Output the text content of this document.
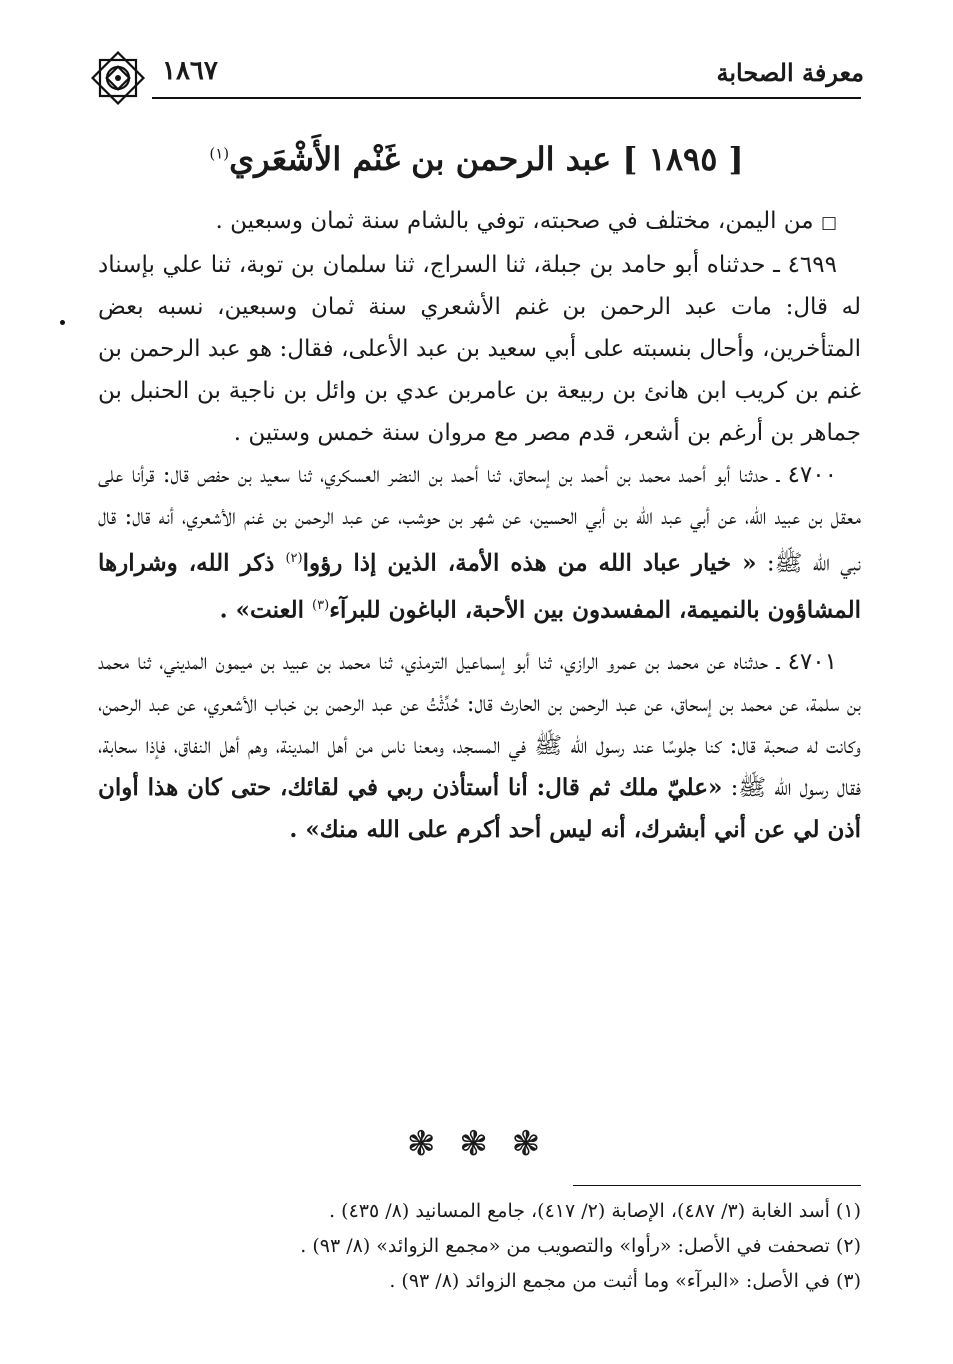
معرفة الصحابة
١٨٦٧
[ ١٨٩٥ ] عبد الرحمن بن غَنْم الأَشْعَري$^{(١)}$

□ من اليمن، مختلف في صحبته، توفي بالشام سنة ثمان وسبعين .

٤٦٩٩ ـ حدثناه أبو حامد بن جبلة، ثنا السراج، ثنا سلمان بن توبة، ثنا علي بإسناد له قال: مات عبد الرحمن بن غنم الأشعري سنة ثمان وسبعين، نسبه بعض المتأخرين، وأحال بنسبته على أبي سعيد بن عبد الأعلى، فقال: هو عبد الرحمن بن غنم بن كريب ابن هانئ بن ربيعة بن عامربن عدي بن وائل بن ناجية بن الحنبل بن جماهر بن أرغم بن أشعر، قدم مصر مع مروان سنة خمس وستين .

٤٧٠٠ ـ حدثنا أبو أحمد محمد بن أحمد بن إسحاق، ثنا أحمد بن النضر العسكري، ثنا سعيد بن حفص قال: قرأنا على معقل بن عبيد الله، عن أبي عبد الله بن أبي الحسين، عن شهر بن حوشب، عن عبد الرحمن بن غنم الأشعري، أنه قال: قال نبي الله ﷺ: « خيار عباد الله من هذه الأمة، الذين إذا رؤوا$^{(٢)}$ ذكر الله، وشرارها المشاؤون بالنميمة، المفسدون بين الأحبة، الباغون للبرآء$^{(٣)}$ العنت» .

٤٧٠١ ـ حدثناه عن محمد بن عمرو الرازي، ثنا أبو إسماعيل الترمذي، ثنا محمد بن عبيد بن ميمون المديني، ثنا محمد بن سلمة، عن محمد بن إسحاق، عن عبد الرحمن بن الحارث قال: حُدِّثْتُ عن عبد الرحمن بن خباب الأشعري، عن عبد الرحمن، وكانت له صحبة قال: كنا جلوسًا عند رسول الله ﷺ في المسجد، ومعنا ناس من أهل المدينة، وهم أهل النفاق، فإذا سحابة، فقال رسول الله ﷺ: «عليّ ملك ثم قال: أنا أستأذن ربي في لقائك، حتى كان هذا أوان أذن لي عن أني أبشرك، أنه ليس أحد أكرم على الله منك» .

❃ ❃ ❃

(١) أسد الغابة (٣/ ٤٨٧)، الإصابة (٢/ ٤١٧)، جامع المسانيد (٨/ ٤٣٥) .

(٢) تصحفت في الأصل: «رأوا» والتصويب من «مجمع الزوائد» (٨/ ٩٣) .

(٣) في الأصل: «البرآء» وما أثبت من مجمع الزوائد (٨/ ٩٣) .
